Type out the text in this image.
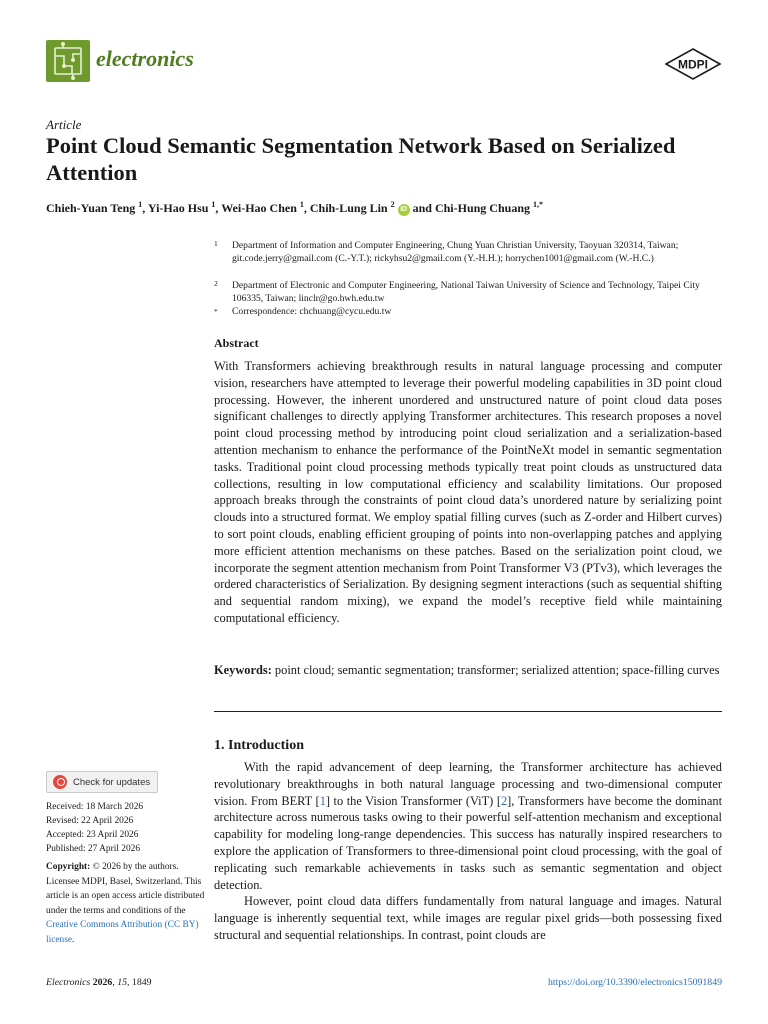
electronics	MDPI
Article
Point Cloud Semantic Segmentation Network Based on Serialized Attention
Chieh-Yuan Teng $^1$, Yi-Hao Hsu $^1$, Wei-Hao Chen $^1$, Chih-Lung Lin $^2$ iD and Chi-Hung Chuang $^{1,*}$
1 Department of Information and Computer Engineering, Chung Yuan Christian University, Taoyuan 320314, Taiwan; git.code.jerry@gmail.com (C.-Y.T.); rickyhsu2@gmail.com (Y.-H.H.); horrychen1001@gmail.com (W.-H.C.)
2 Department of Electronic and Computer Engineering, National Taiwan University of Science and Technology, Taipei City 106335, Taiwan; linclr@go.hwh.edu.tw
* Correspondence: chchuang@cycu.edu.tw
Abstract
With Transformers achieving breakthrough results in natural language processing and computer vision, researchers have attempted to leverage their powerful modeling capabilities in 3D point cloud processing. However, the inherent unordered and unstructured nature of point cloud data poses significant challenges to directly applying Transformer architectures. This research proposes a novel point cloud processing method by introducing point cloud serialization and a serialization-based attention mechanism to enhance the performance of the PointNeXt model in semantic segmentation tasks. Traditional point cloud processing methods typically treat point clouds as unstructured data collections, resulting in low computational efficiency and scalability limitations. Our proposed approach breaks through the constraints of point cloud data’s unordered nature by serializing point clouds into a structured format. We employ spatial filling curves (such as Z-order and Hilbert curves) to sort point clouds, enabling efficient grouping of points into non-overlapping patches and applying more efficient attention mechanisms on these patches. Based on the serialization point cloud, we incorporate the segment attention mechanism from Point Transformer V3 (PTv3), which leverages the ordered characteristics of Serialization. By designing segment interactions (such as sequential shifting and sequential random mixing), we expand the model’s receptive field while maintaining computational efficiency.
Keywords: point cloud; semantic segmentation; transformer; serialized attention; space-filling curves
1. Introduction

With the rapid advancement of deep learning, the Transformer architecture has achieved revolutionary breakthroughs in both natural language processing and two-dimensional computer vision. From BERT [1] to the Vision Transformer (ViT) [2], Transformers have become the dominant architecture across numerous tasks owing to their powerful self-attention mechanism and exceptional capability for modeling long-range dependencies. This success has naturally inspired researchers to explore the application of Transformers to three-dimensional point cloud processing, with the goal of replicating such remarkable achievements in tasks such as semantic segmentation and object detection.

However, point cloud data differs fundamentally from natural language and images. Natural language is inherently sequential text, while images are regular pixel grids—both possessing fixed structural and sequential relationships. In contrast, point clouds are

Check for updates
Received: 18 March 2026
Revised: 22 April 2026
Accepted: 23 April 2026
Published: 27 April 2026
Copyright: © 2026 by the authors. Licensee MDPI, Basel, Switzerland. This article is an open access article distributed under the terms and conditions of the Creative Commons Attribution (CC BY) license.
Electronics 2026, 15, 1849	https://doi.org/10.3390/electronics15091849
